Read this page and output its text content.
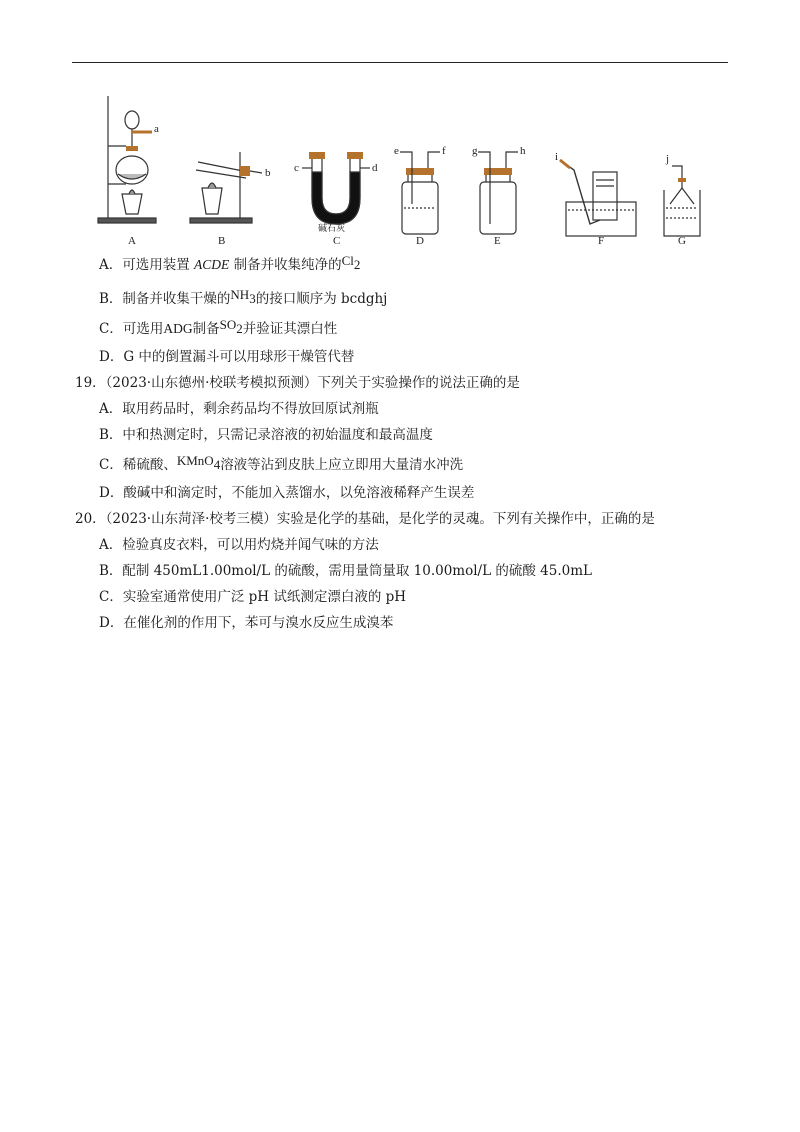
A	B	C	D	E	F	G
a
b c	d
e	f g	h	i	j
碱石灰
A．可选用装置 ACDE 制备并收集纯净的$Cl_2$
B．制备并收集干燥的$NH_3$的接口顺序为 bcdghj
C．可选用ADG制备$SO_2$并验证其漂白性
D．G 中的倒置漏斗可以用球形干燥管代替
19．（2023·山东德州·校联考模拟预测）下列关于实验操作的说法正确的是
A．取用药品时，剩余药品均不得放回原试剂瓶
B．中和热测定时，只需记录溶液的初始温度和最高温度
C．稀硫酸、KMnO$_4$溶液等沾到皮肤上应立即用大量清水冲洗
D．酸碱中和滴定时，不能加入蒸馏水，以免溶液稀释产生误差
20．（2023·山东菏泽·校考三模）实验是化学的基础，是化学的灵魂。下列有关操作中，正确的是
A．检验真皮衣料，可以用灼烧并闻气味的方法
B．配制 450mL1.00mol/L 的硫酸，需用量筒量取 10.00mol/L 的硫酸 45.0mL
C．实验室通常使用广泛 pH 试纸测定漂白液的 pH
D．在催化剂的作用下，苯可与溴水反应生成溴苯
